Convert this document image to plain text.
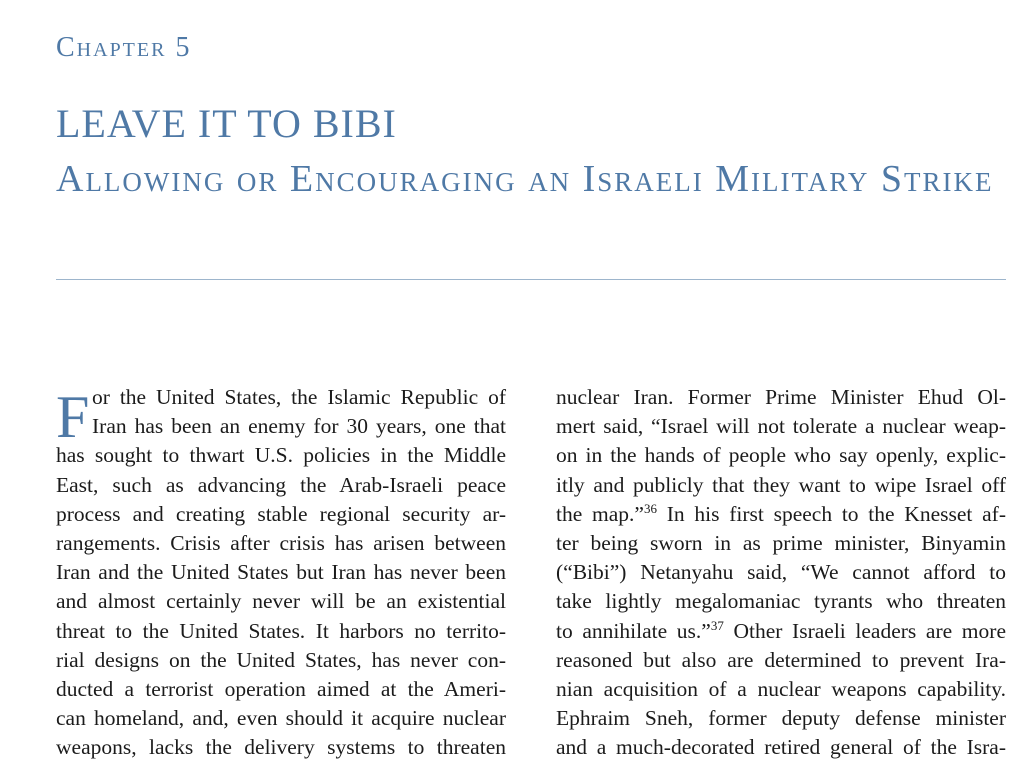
Chapter 5
LEAVE IT TO BIBI
Allowing or Encouraging an Israeli Military Strike
F or the United States, the Islamic Republic of
Iran has been an enemy for 30 years, one that
has sought to thwart U.S. policies in the Middle
East, such as advancing the Arab-Israeli peace
process and creating stable regional security ar-
rangements. Crisis after crisis has arisen between
Iran and the United States but Iran has never been
and almost certainly never will be an existential
threat to the United States. It harbors no territo-
rial designs on the United States, has never con-
ducted a terrorist operation aimed at the Ameri-
can homeland, and, even should it acquire nuclear
weapons, lacks the delivery systems to threaten
nuclear Iran. Former Prime Minister Ehud Ol-
mert said, “Israel will not tolerate a nuclear weap-
on in the hands of people who say openly, explic-
itly and publicly that they want to wipe Israel off
the map.”$^{36}$ In his first speech to the Knesset af-
ter being sworn in as prime minister, Binyamin
(“Bibi”) Netanyahu said, “We cannot afford to
take lightly megalomaniac tyrants who threaten
to annihilate us.”$^{37}$ Other Israeli leaders are more
reasoned but also are determined to prevent Ira-
nian acquisition of a nuclear weapons capability.
Ephraim Sneh, former deputy defense minister
and a much-decorated retired general of the Isra-
